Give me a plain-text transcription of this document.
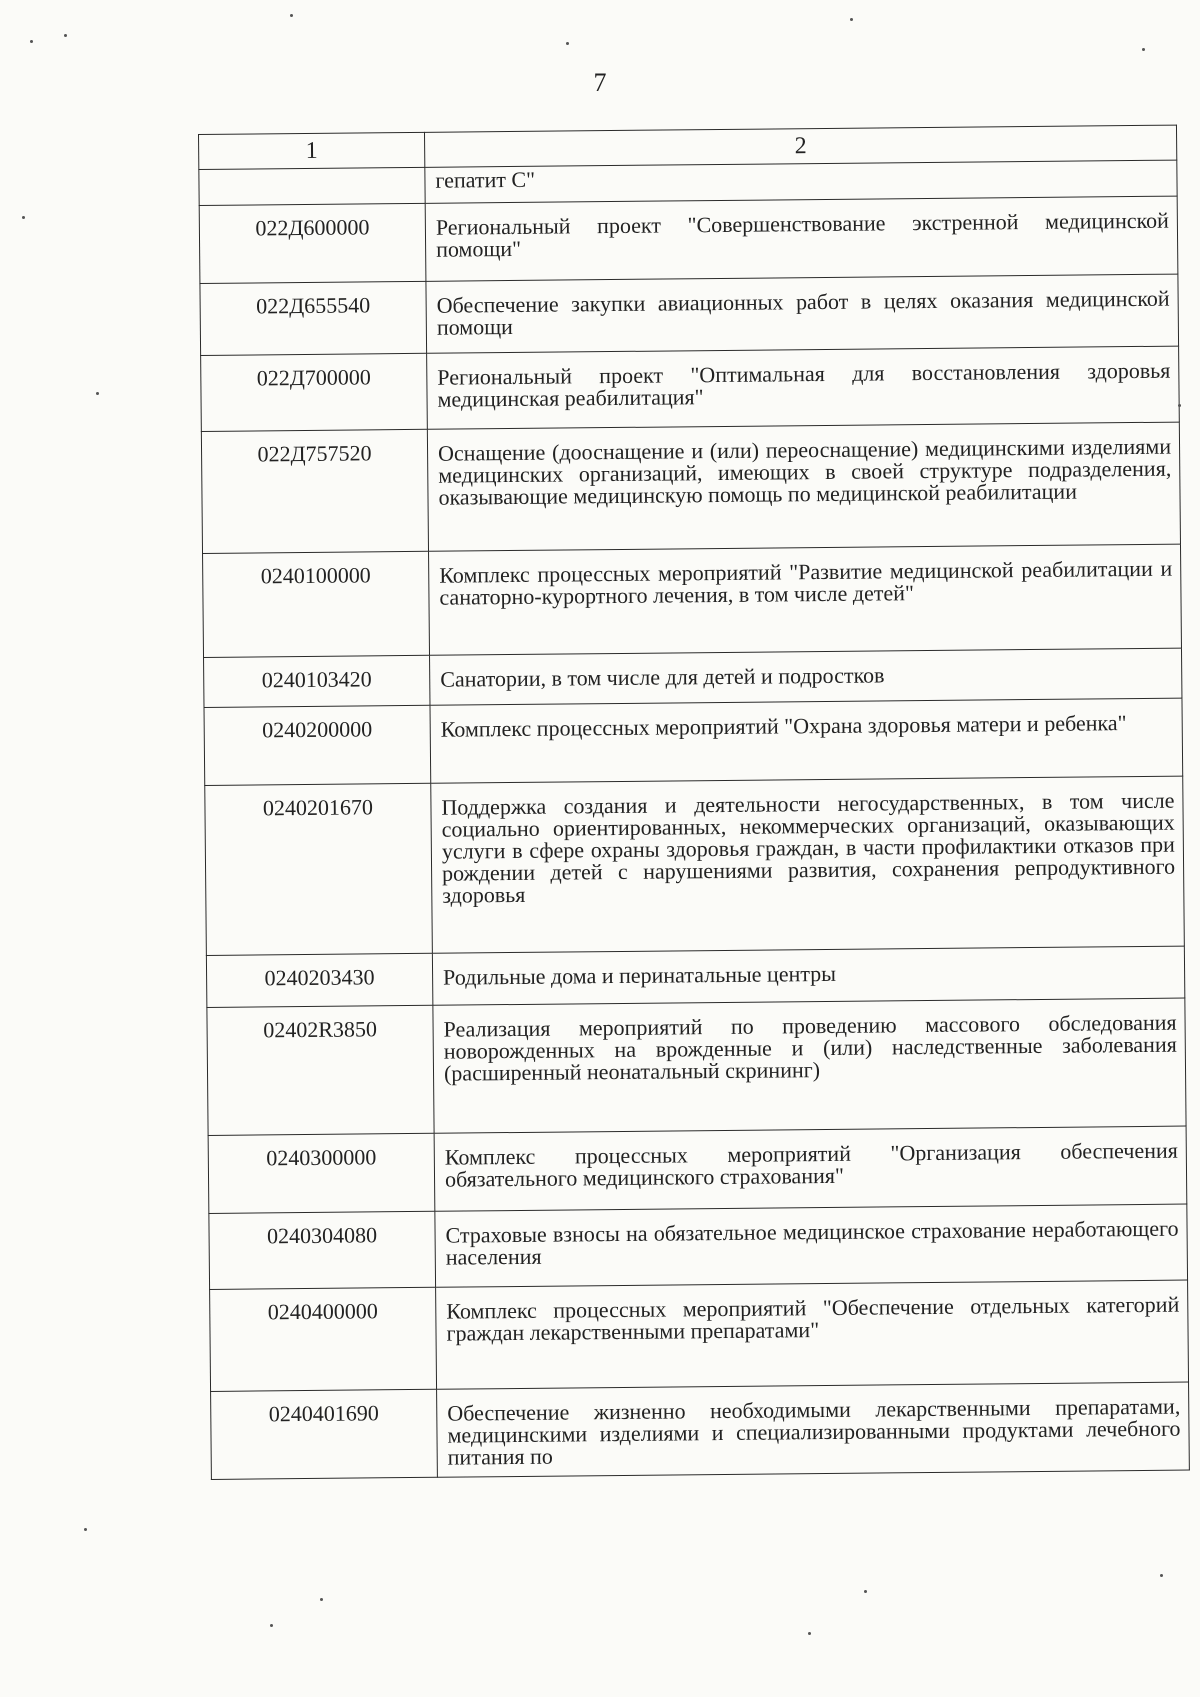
7
1	2
	гепатит С"
022Д600000	Региональный проект "Совершенствование экстренной медицинской помощи"
022Д655540	Обеспечение закупки авиационных работ в целях оказания медицинской помощи
022Д700000	Региональный проект "Оптимальная для восстановления здоровья медицинская реабилитация"
022Д757520	Оснащение (дооснащение и (или) переоснащение) медицинскими изделиями медицинских организаций, имеющих в своей структуре подразделения, оказывающие медицинскую помощь по медицинской реабилитации
0240100000	Комплекс процессных мероприятий "Развитие медицинской реабилитации и санаторно-курортного лечения, в том числе детей"
0240103420	Санатории, в том числе для детей и подростков
0240200000	Комплекс процессных мероприятий "Охрана здоровья матери и ребенка"
0240201670	Поддержка создания и деятельности негосударственных, в том числе социально ориентированных, некоммерческих организаций, оказывающих услуги в сфере охраны здоровья граждан, в части профилактики отказов при рождении детей с нарушениями развития, сохранения репродуктивного здоровья
0240203430	Родильные дома и перинатальные центры
02402R3850	Реализация мероприятий по проведению массового обследования новорожденных на врожденные и (или) наследственные заболевания (расширенный неонатальный скрининг)
0240300000	Комплекс процессных мероприятий "Организация обеспечения обязательного медицинского страхования"
0240304080	Страховые взносы на обязательное медицинское страхование неработающего населения
0240400000	Комплекс процессных мероприятий "Обеспечение отдельных категорий граждан лекарственными препаратами"
0240401690	Обеспечение жизненно необходимыми лекарственными препаратами, медицинскими изделиями и специализированными продуктами лечебного питания по
